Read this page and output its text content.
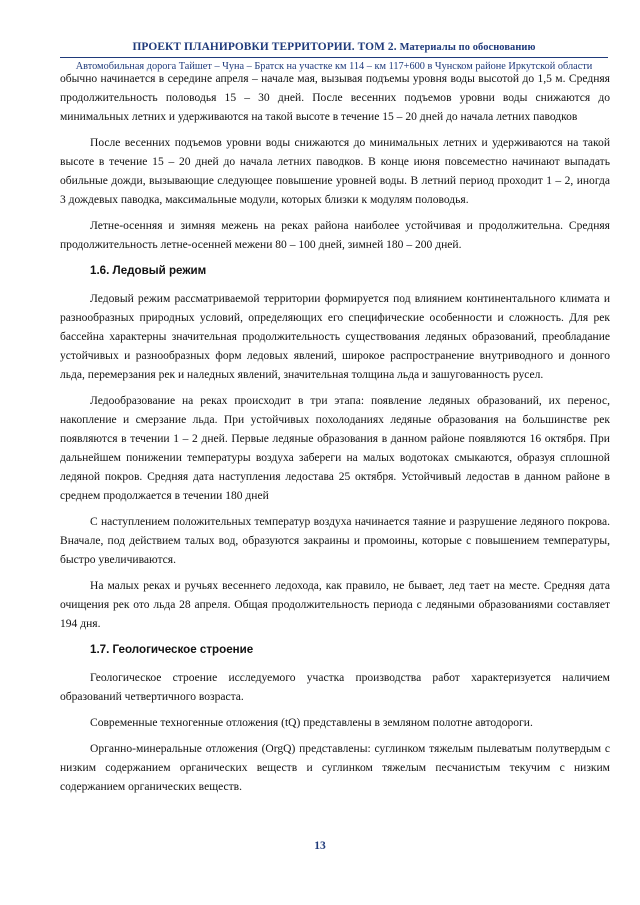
ПРОЕКТ ПЛАНИРОВКИ ТЕРРИТОРИИ. ТОМ 2. Материалы по обоснованию
Автомобильная дорога Тайшет – Чуна – Братск на участке км 114 – км 117+600 в Чунском районе Иркутской области

обычно начинается в середине апреля – начале мая, вызывая подъемы уровня воды высотой до 1,5 м. Средняя продолжительность половодья 15 – 30 дней. После весенних подъемов уровни воды снижаются до минимальных летних и удерживаются на такой высоте в течение 15 – 20 дней до начала летних паводков

После весенних подъемов уровни воды снижаются до минимальных летних и удерживаются на такой высоте в течение 15 – 20 дней до начала летних паводков. В конце июня повсеместно начинают выпадать обильные дожди, вызывающие следующее повышение уровней воды. В летний период проходит 1 – 2, иногда 3 дождевых паводка, максимальные модули, которых близки к модулям половодья.

Летне-осенняя и зимняя межень на реках района наиболее устойчивая и продолжительна. Средняя продолжительность летне-осенней межени 80 – 100 дней, зимней 180 – 200 дней.

1.6. Ледовый режим

Ледовый режим рассматриваемой территории формируется под влиянием континентального климата и разнообразных природных условий, определяющих его специфические особенности и сложность. Для рек бассейна характерны значительная продолжительность существования ледяных образований, преобладание устойчивых и разнообразных форм ледовых явлений, широкое распространение внутриводного и донного льда, перемерзания рек и наледных явлений, значительная толщина льда и зашугованность русел.

Ледообразование на реках происходит в три этапа: появление ледяных образований, их перенос, накопление и смерзание льда. При устойчивых похолоданиях ледяные образования на большинстве рек появляются в течении 1 – 2 дней. Первые ледяные образования в данном районе появляются 16 октября. При дальнейшем понижении температуры воздуха забереги на малых водотоках смыкаются, образуя сплошной ледяной покров. Средняя дата наступления ледостава 25 октября. Устойчивый ледостав в данном районе в среднем продолжается в течении 180 дней

С наступлением положительных температур воздуха начинается таяние и разрушение ледяного покрова. Вначале, под действием талых вод, образуются закраины и промоины, которые с повышением температуры, быстро увеличиваются.

На малых реках и ручьях весеннего ледохода, как правило, не бывает, лед тает на месте. Средняя дата очищения рек ото льда 28 апреля. Общая продолжительность периода с ледяными образованиями составляет 194 дня.

1.7. Геологическое строение

Геологическое строение исследуемого участка производства работ характеризуется наличием образований четвертичного возраста.

Современные техногенные отложения (tQ) представлены в земляном полотне автодороги.

Органно-минеральные отложения (OrgQ) представлены: суглинком тяжелым пылеватым полутвердым с низким содержанием органических веществ и суглинком тяжелым песчанистым текучим с низким содержанием органических веществ.

13
